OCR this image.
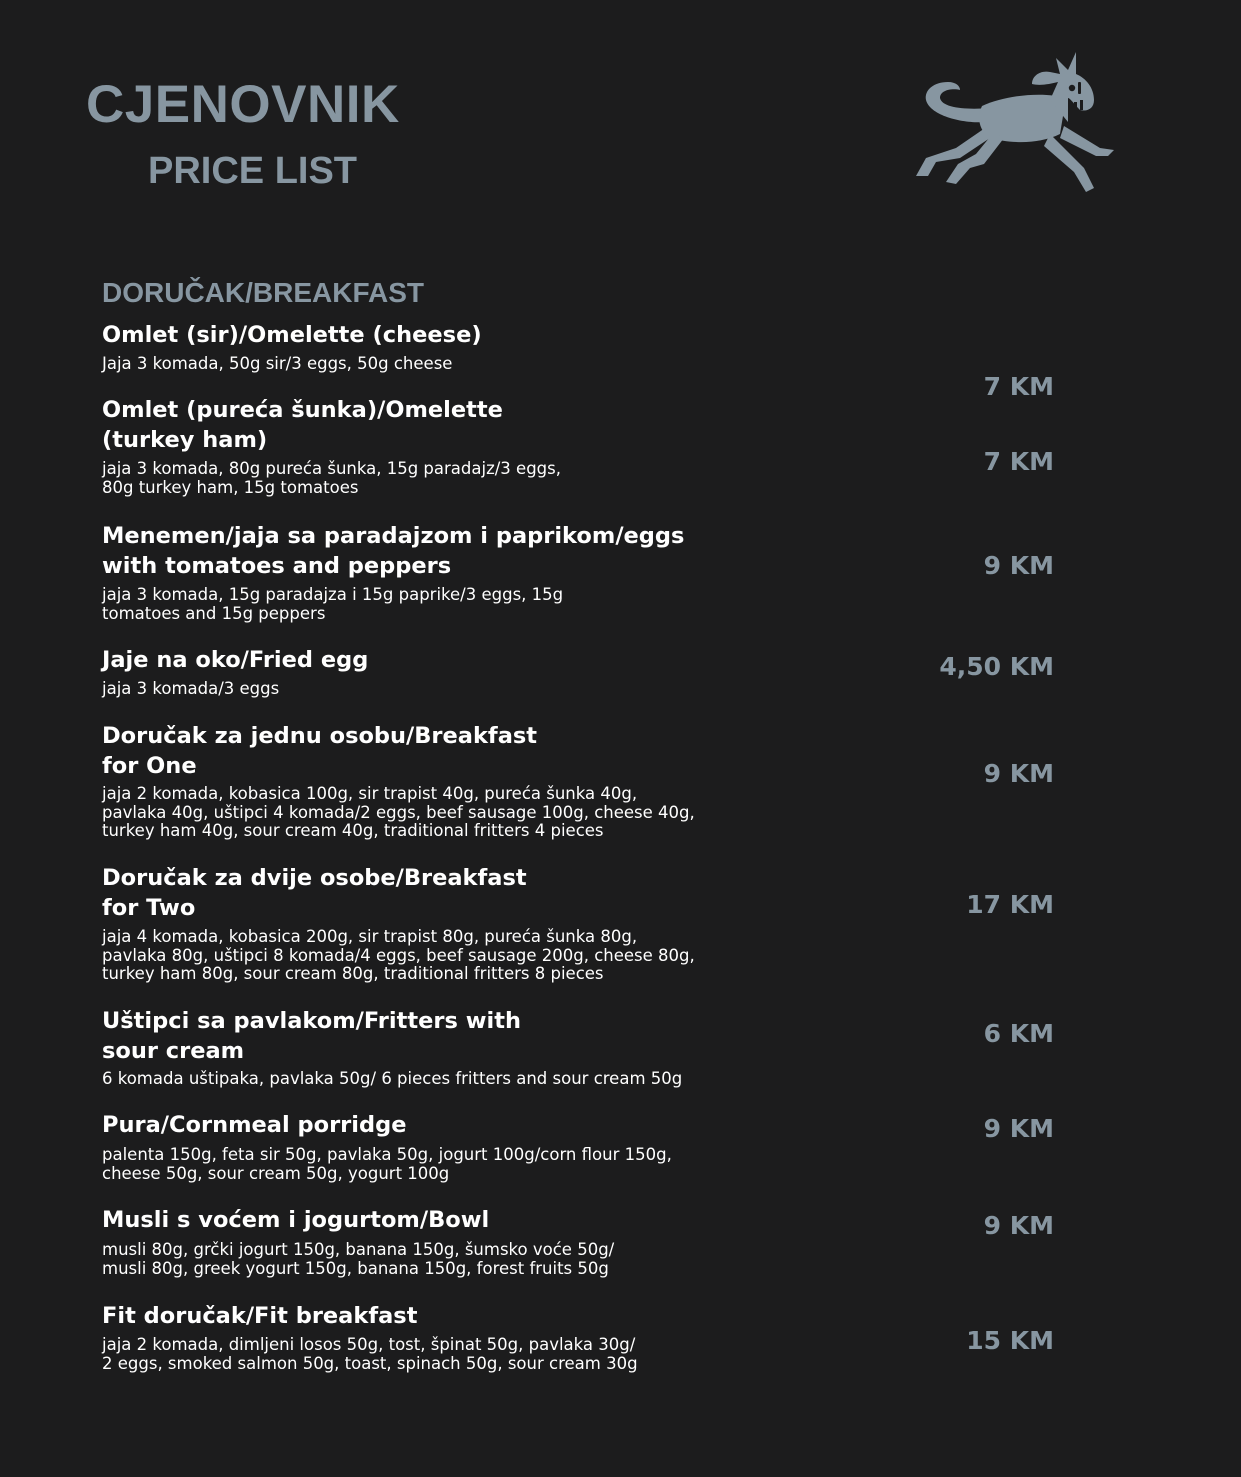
CJENOVNIK
PRICE LIST
DORUČAK/BREAKFAST
Omlet (sir)/Omelette (cheese)
Jaja 3 komada, 50g sir/3 eggs, 50g cheese
7 KM
Omlet (pureća šunka)/Omelette
(turkey ham)
jaja 3 komada, 80g pureća šunka, 15g paradajz/3 eggs,
80g turkey ham, 15g tomatoes
7 KM
Menemen/jaja sa paradajzom i paprikom/eggs
with tomatoes and peppers
jaja 3 komada, 15g paradajza i 15g paprike/3 eggs, 15g
tomatoes and 15g peppers
9 KM
Jaje na oko/Fried egg
jaja 3 komada/3 eggs
4,50 KM
Doručak za jednu osobu/Breakfast
for One
jaja 2 komada, kobasica 100g, sir trapist 40g, pureća šunka 40g,
pavlaka 40g, uštipci 4 komada/2 eggs, beef sausage 100g, cheese 40g,
turkey ham 40g, sour cream 40g, traditional fritters 4 pieces
9 KM
Doručak za dvije osobe/Breakfast
for Two
jaja 4 komada, kobasica 200g, sir trapist 80g, pureća šunka 80g,
pavlaka 80g, uštipci 8 komada/4 eggs, beef sausage 200g, cheese 80g,
turkey ham 80g, sour cream 80g, traditional fritters 8 pieces
17 KM
Uštipci sa pavlakom/Fritters with
sour cream
6 komada uštipaka, pavlaka 50g/ 6 pieces fritters and sour cream 50g
6 KM
Pura/Cornmeal porridge
palenta 150g, feta sir 50g, pavlaka 50g, jogurt 100g/corn flour 150g,
cheese 50g, sour cream 50g, yogurt 100g
9 KM
Musli s voćem i jogurtom/Bowl
musli 80g, grčki jogurt 150g, banana 150g, šumsko voće 50g/
musli 80g, greek yogurt 150g, banana 150g, forest fruits 50g
9 KM
Fit doručak/Fit breakfast
jaja 2 komada, dimljeni losos 50g, tost, špinat 50g, pavlaka 30g/
2 eggs, smoked salmon 50g, toast, spinach 50g, sour cream 30g
15 KM
